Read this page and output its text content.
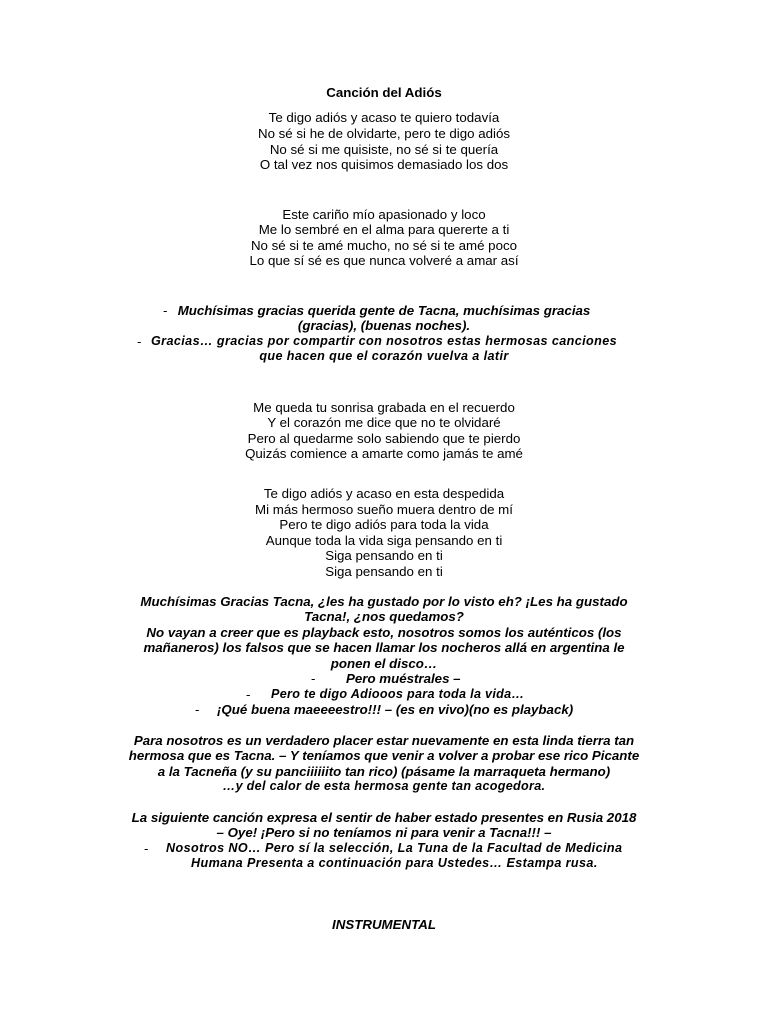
Canción del Adiós
Te digo adiós y acaso te quiero todavía
No sé si he de olvidarte, pero te digo adiós
No sé si me quisiste, no sé si te quería
O tal vez nos quisimos demasiado los dos
Este cariño mío apasionado y loco
Me lo sembré en el alma para quererte a ti
No sé si te amé mucho, no sé si te amé poco
Lo que sí sé es que nunca volveré a amar así
- Muchísimas gracias querida gente de Tacna, muchísimas gracias
(gracias), (buenas noches).
- Gracias… gracias por compartir con nosotros estas hermosas canciones
que hacen que el corazón vuelva a latir
Me queda tu sonrisa grabada en el recuerdo
Y el corazón me dice que no te olvidaré
Pero al quedarme solo sabiendo que te pierdo
Quizás comience a amarte como jamás te amé
Te digo adiós y acaso en esta despedida
Mi más hermoso sueño muera dentro de mí
Pero te digo adiós para toda la vida
Aunque toda la vida siga pensando en ti
Siga pensando en ti
Siga pensando en ti
Muchísimas Gracias Tacna, ¿les ha gustado por lo visto eh? ¡Les ha gustado
Tacna!, ¿nos quedamos?
No vayan a creer que es playback esto, nosotros somos los auténticos (los
mañaneros) los falsos que se hacen llamar los nocheros allá en argentina le
ponen el disco…
- Pero muéstrales –
- Pero te digo Adiooos para toda la vida…
- ¡Qué buena maeeeestro!!! – (es en vivo)(no es playback)
Para nosotros es un verdadero placer estar nuevamente en esta linda tierra tan
hermosa que es Tacna. – Y teníamos que venir a volver a probar ese rico Picante
a la Tacneña (y su panciiiiiito tan rico) (pásame la marraqueta hermano)
…y del calor de esta hermosa gente tan acogedora.
La siguiente canción expresa el sentir de haber estado presentes en Rusia 2018
– Oye! ¡Pero si no teníamos ni para venir a Tacna!!! –
- Nosotros NO… Pero sí la selección, La Tuna de la Facultad de Medicina
Humana Presenta a continuación para Ustedes… Estampa rusa.
INSTRUMENTAL
